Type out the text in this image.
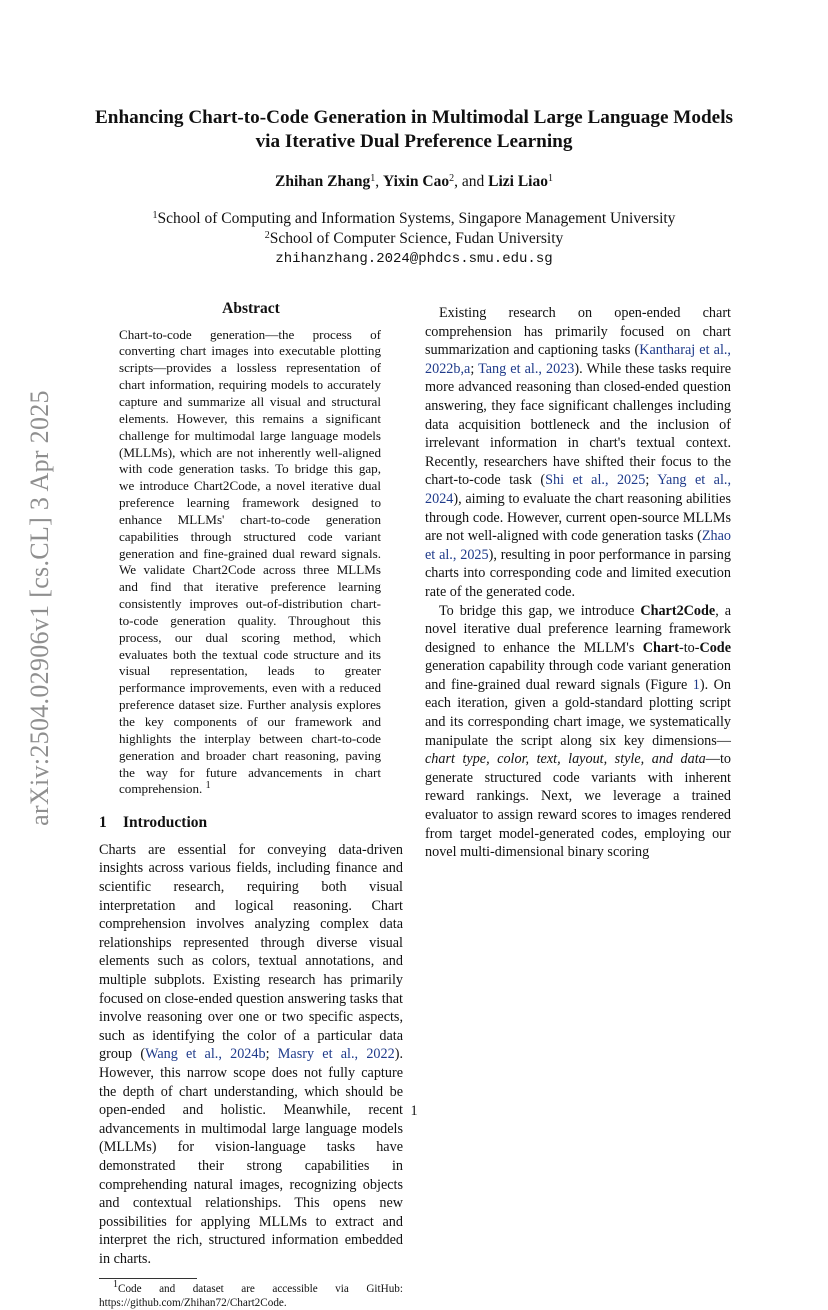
arXiv:2504.02906v1 [cs.CL] 3 Apr 2025
Enhancing Chart-to-Code Generation in Multimodal Large Language Models via Iterative Dual Preference Learning
Zhihan Zhang$^1$, Yixin Cao$^2$, and Lizi Liao$^1$
$^1$School of Computing and Information Systems, Singapore Management University
$^2$School of Computer Science, Fudan University
zhihanzhang.2024@phdcs.smu.edu.sg
Abstract
Chart-to-code generation—the process of converting chart images into executable plotting scripts—provides a lossless representation of chart information, requiring models to accurately capture and summarize all visual and structural elements. However, this remains a significant challenge for multimodal large language models (MLLMs), which are not inherently well-aligned with code generation tasks. To bridge this gap, we introduce Chart2Code, a novel iterative dual preference learning framework designed to enhance MLLMs' chart-to-code generation capabilities through structured code variant generation and fine-grained dual reward signals. We validate Chart2Code across three MLLMs and find that iterative preference learning consistently improves out-of-distribution chart-to-code generation quality. Throughout this process, our dual scoring method, which evaluates both the textual code structure and its visual representation, leads to greater performance improvements, even with a reduced preference dataset size. Further analysis explores the key components of our framework and highlights the interplay between chart-to-code generation and broader chart reasoning, paving the way for future advancements in chart comprehension. $^1$
1 Introduction

Charts are essential for conveying data-driven insights across various fields, including finance and scientific research, requiring both visual interpretation and logical reasoning. Chart comprehension involves analyzing complex data relationships represented through diverse visual elements such as colors, textual annotations, and multiple subplots. Existing research has primarily focused on close-ended question answering tasks that involve reasoning over one or two specific aspects, such as identifying the color of a particular data group (Wang et al., 2024b; Masry et al., 2022). However, this narrow scope does not fully capture the depth of chart understanding, which should be open-ended and holistic. Meanwhile, recent advancements in multimodal large language models (MLLMs) for vision-language tasks have demonstrated their strong capabilities in comprehending natural images, recognizing objects and contextual relationships. This opens new possibilities for applying MLLMs to extract and interpret the rich, structured information embedded in charts.

$^1$Code and dataset are accessible via GitHub: https://github.com/Zhihan72/Chart2Code.

Existing research on open-ended chart comprehension has primarily focused on chart summarization and captioning tasks (Kantharaj et al., 2022b,a; Tang et al., 2023). While these tasks require more advanced reasoning than closed-ended question answering, they face significant challenges including data acquisition bottleneck and the inclusion of irrelevant information in chart's textual context. Recently, researchers have shifted their focus to the chart-to-code task (Shi et al., 2025; Yang et al., 2024), aiming to evaluate the chart reasoning abilities through code. However, current open-source MLLMs are not well-aligned with code generation tasks (Zhao et al., 2025), resulting in poor performance in parsing charts into corresponding code and limited execution rate of the generated code.

To bridge this gap, we introduce Chart2Code, a novel iterative dual preference learning framework designed to enhance the MLLM's Chart-to-Code generation capability through code variant generation and fine-grained dual reward signals (Figure 1). On each iteration, given a gold-standard plotting script and its corresponding chart image, we systematically manipulate the script along six key dimensions—chart type, color, text, layout, style, and data—to generate structured code variants with inherent reward rankings. Next, we leverage a trained evaluator to assign reward scores to images rendered from target model-generated codes, employing our novel multi-dimensional binary scoring

1
